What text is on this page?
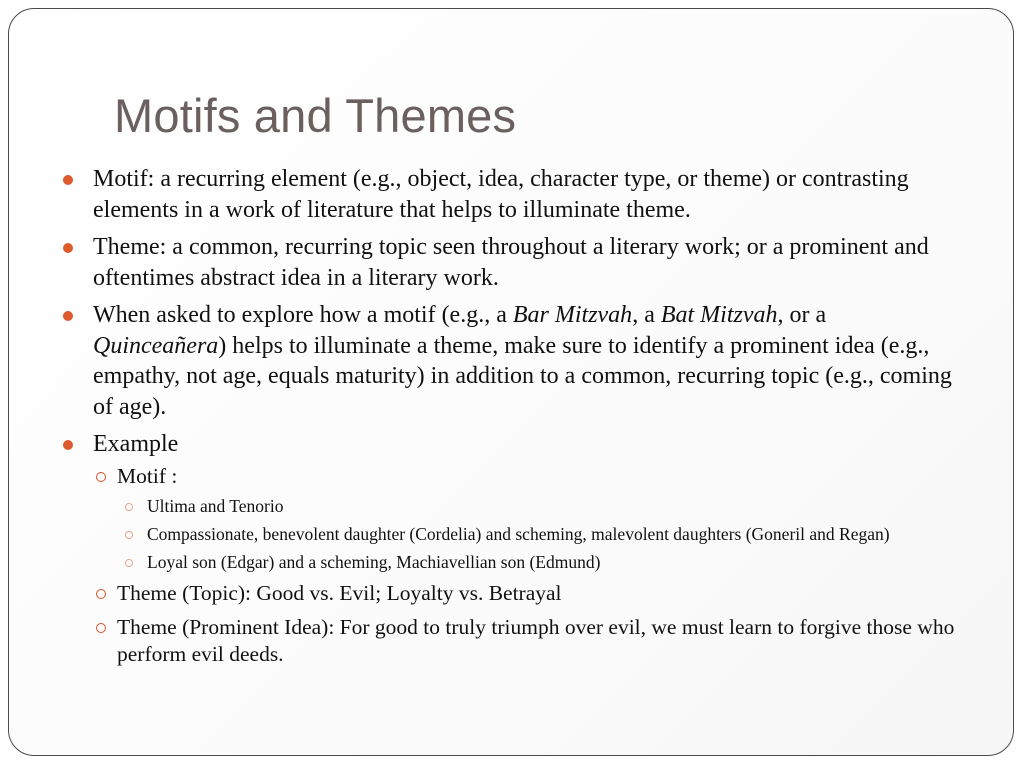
Motifs and Themes
Motif: a recurring element (e.g., object, idea, character type, or theme) or contrasting elements in a work of literature that helps to illuminate theme.
Theme: a common, recurring topic seen throughout a literary work; or a prominent and oftentimes abstract idea in a literary work.
When asked to explore how a motif (e.g., a Bar Mitzvah, a Bat Mitzvah, or a Quinceañera) helps to illuminate a theme, make sure to identify a prominent idea (e.g., empathy, not age, equals maturity) in addition to a common, recurring topic (e.g., coming of age).
Example
Motif :
Ultima and Tenorio
Compassionate, benevolent daughter (Cordelia) and scheming, malevolent daughters (Goneril and Regan)
Loyal son (Edgar) and a scheming, Machiavellian son (Edmund)
Theme (Topic): Good vs. Evil; Loyalty vs. Betrayal
Theme (Prominent Idea): For good to truly triumph over evil, we must learn to forgive those who perform evil deeds.
